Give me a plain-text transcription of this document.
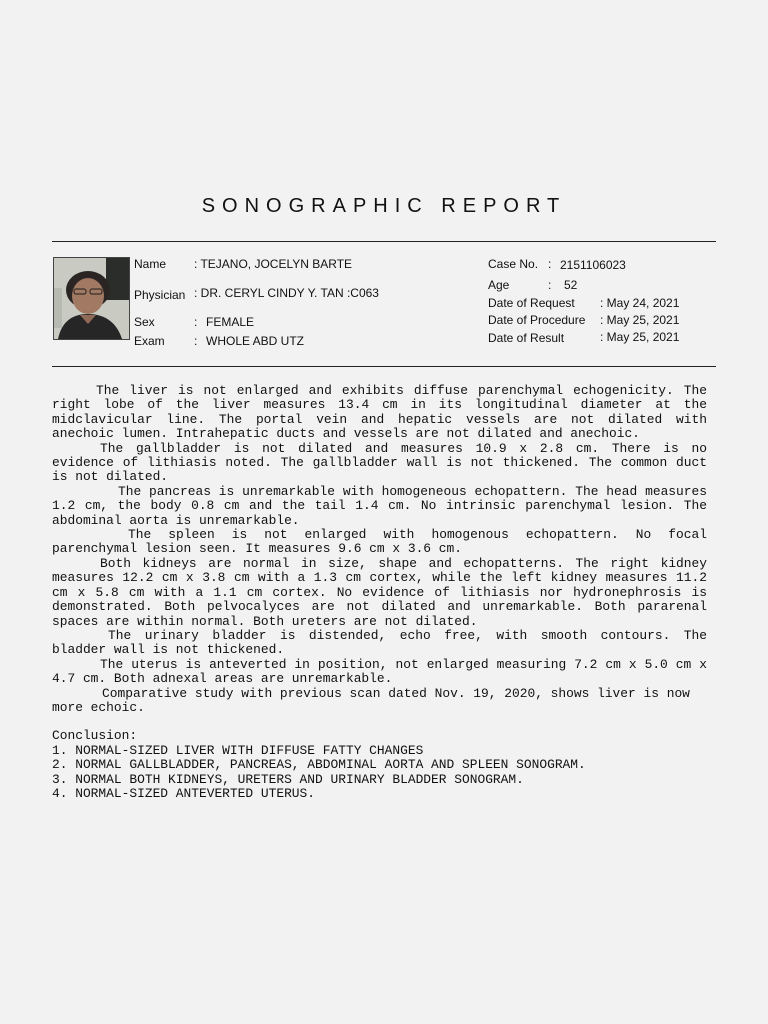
SONOGRAPHIC REPORT
Name : TEJANO, JOCELYN BARTE
Physician : DR. CERYL CINDY Y. TAN :C063
Sex	: FEMALE
Exam : WHOLE ABD UTZ
Case No. : 2151106023
Age	: 52
Date of Request : May 24, 2021
Date of Procedure : May 25, 2021
Date of Result	: May 25, 2021

The liver is not enlarged and exhibits diffuse parenchymal echogenicity. The right lobe of the liver measures 13.4 cm in its longitudinal diameter at the midclavicular line. The portal vein and hepatic vessels are not dilated with anechoic lumen. Intrahepatic ducts and vessels are not dilated and anechoic.

The gallbladder is not dilated and measures 10.9 x 2.8 cm. There is no evidence of lithiasis noted. The gallbladder wall is not thickened. The common duct is not dilated.

The pancreas is unremarkable with homogeneous echopattern. The head measures 1.2 cm, the body 0.8 cm and the tail 1.4 cm. No intrinsic parenchymal lesion. The abdominal aorta is unremarkable.

The spleen is not enlarged with homogenous echopattern. No focal parenchymal lesion seen. It measures 9.6 cm x 3.6 cm.

Both kidneys are normal in size, shape and echopatterns. The right kidney measures 12.2 cm x 3.8 cm with a 1.3 cm cortex, while the left kidney measures 11.2 cm x 5.8 cm with a 1.1 cm cortex. No evidence of lithiasis nor hydronephrosis is demonstrated. Both pelvocalyces are not dilated and unremarkable. Both pararenal spaces are within normal. Both ureters are not dilated.

The urinary bladder is distended, echo free, with smooth contours. The bladder wall is not thickened.

The uterus is anteverted in position, not enlarged measuring 7.2 cm x 5.0 cm x 4.7 cm. Both adnexal areas are unremarkable.

Comparative study with previous scan dated Nov. 19, 2020, shows liver is now more echoic.

Conclusion:
1. NORMAL-SIZED LIVER WITH DIFFUSE FATTY CHANGES
2. NORMAL GALLBLADDER, PANCREAS, ABDOMINAL AORTA AND SPLEEN SONOGRAM.
3. NORMAL BOTH KIDNEYS, URETERS AND URINARY BLADDER SONOGRAM.
4. NORMAL-SIZED ANTEVERTED UTERUS.
